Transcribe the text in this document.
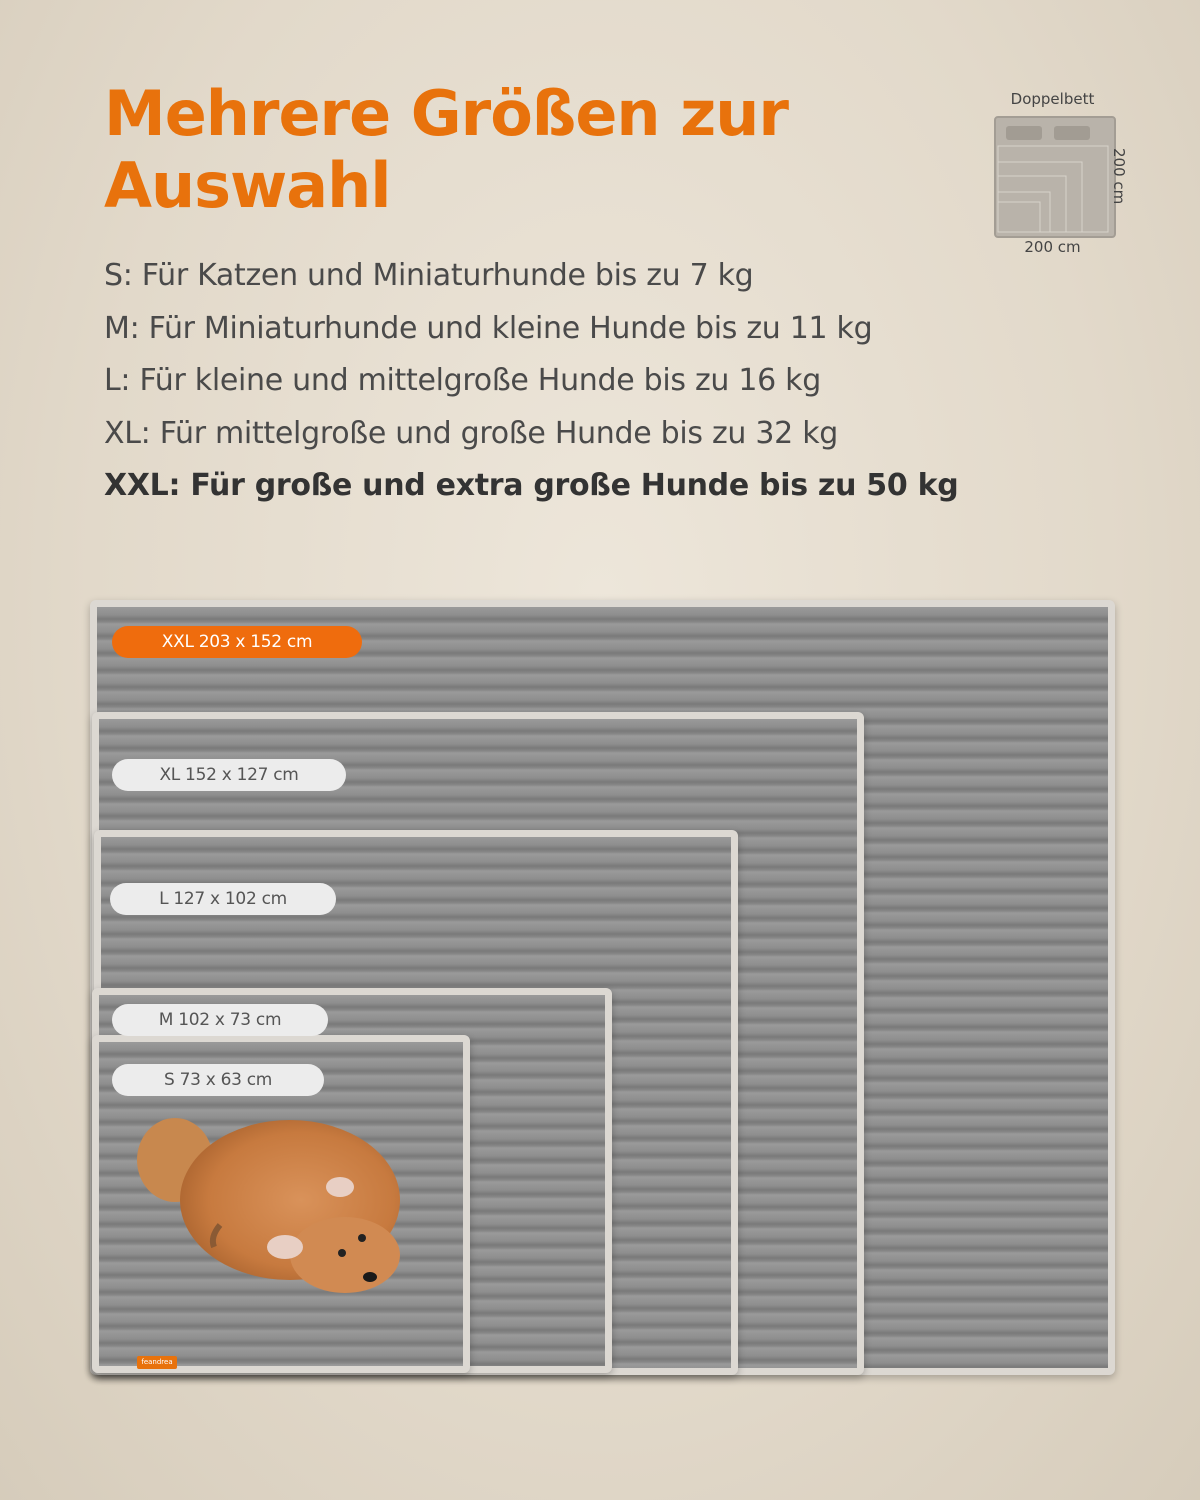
Mehrere Größen zur Auswahl
S: Für Katzen und Miniaturhunde bis zu 7 kg
M: Für Miniaturhunde und kleine Hunde bis zu 11 kg
L: Für kleine und mittelgroße Hunde bis zu 16 kg
XL: Für mittelgroße und große Hunde bis zu 32 kg
XXL: Für große und extra große Hunde bis zu 50 kg
Doppelbett
200 cm
200 cm
XXL 203 x 152 cm
XL 152 x 127 cm
L 127 x 102 cm
M 102 x 73 cm
S 73 x 63 cm
feandrea
